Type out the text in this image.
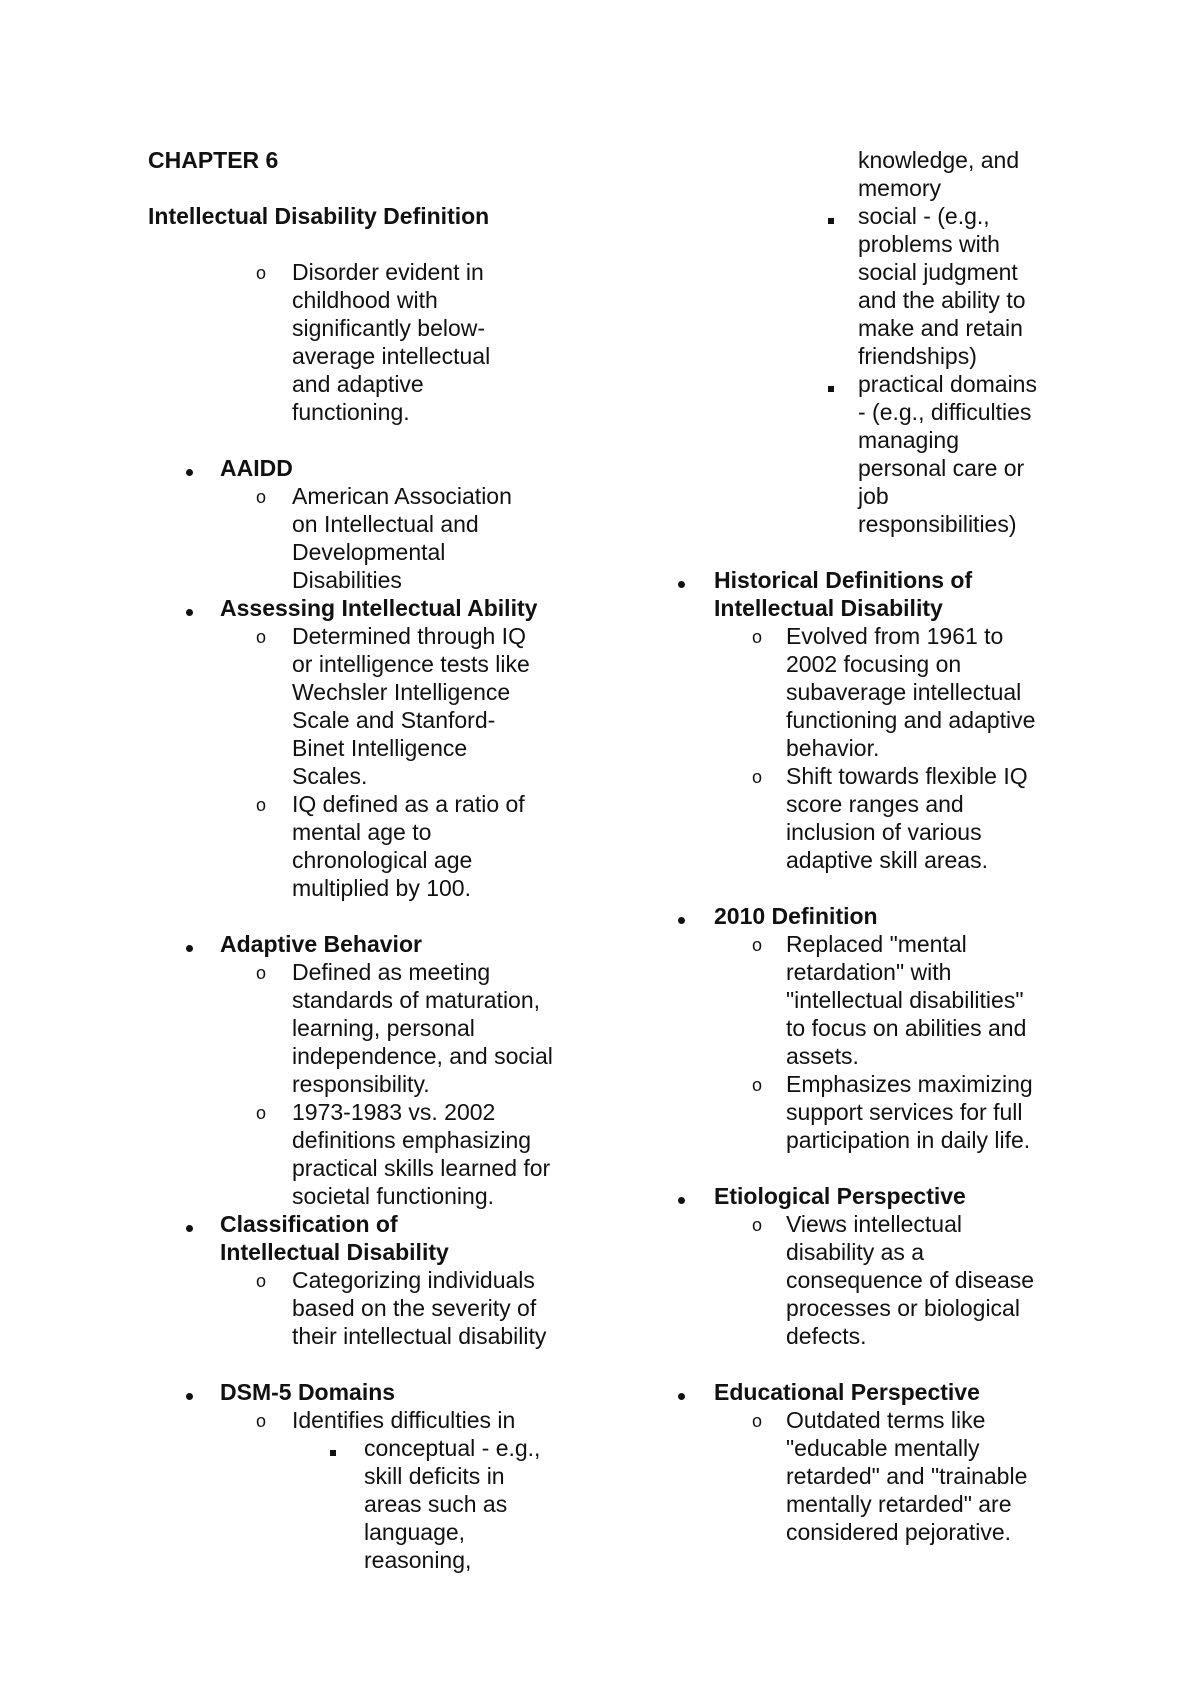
CHAPTER 6

Intellectual Disability Definition

o Disorder evident in childhood with significantly below-average intellectual and adaptive functioning.
AAIDD
o American Association on Intellectual and Developmental Disabilities
Assessing Intellectual Ability
o Determined through IQ or intelligence tests like Wechsler Intelligence Scale and Stanford-Binet Intelligence Scales.
o IQ defined as a ratio of mental age to chronological age multiplied by 100.
Adaptive Behavior
o Defined as meeting standards of maturation, learning, personal independence, and social responsibility.
o 1973-1983 vs. 2002 definitions emphasizing practical skills learned for societal functioning.
Classification of Intellectual Disability
o Categorizing individuals based on the severity of their intellectual disability
DSM-5 Domains
o Identifies difficulties in
conceptual - e.g., skill deficits in areas such as language, reasoning,
knowledge, and memory
social - (e.g., problems with social judgment and the ability to make and retain friendships)
practical domains - (e.g., difficulties managing personal care or job responsibilities)
Historical Definitions of Intellectual Disability
o Evolved from 1961 to 2002 focusing on subaverage intellectual functioning and adaptive behavior.
o Shift towards flexible IQ score ranges and inclusion of various adaptive skill areas.
2010 Definition
o Replaced "mental retardation" with "intellectual disabilities" to focus on abilities and assets.
o Emphasizes maximizing support services for full participation in daily life.
Etiological Perspective
o Views intellectual disability as a consequence of disease processes or biological defects.
Educational Perspective
o Outdated terms like "educable mentally retarded" and "trainable mentally retarded" are considered pejorative.
